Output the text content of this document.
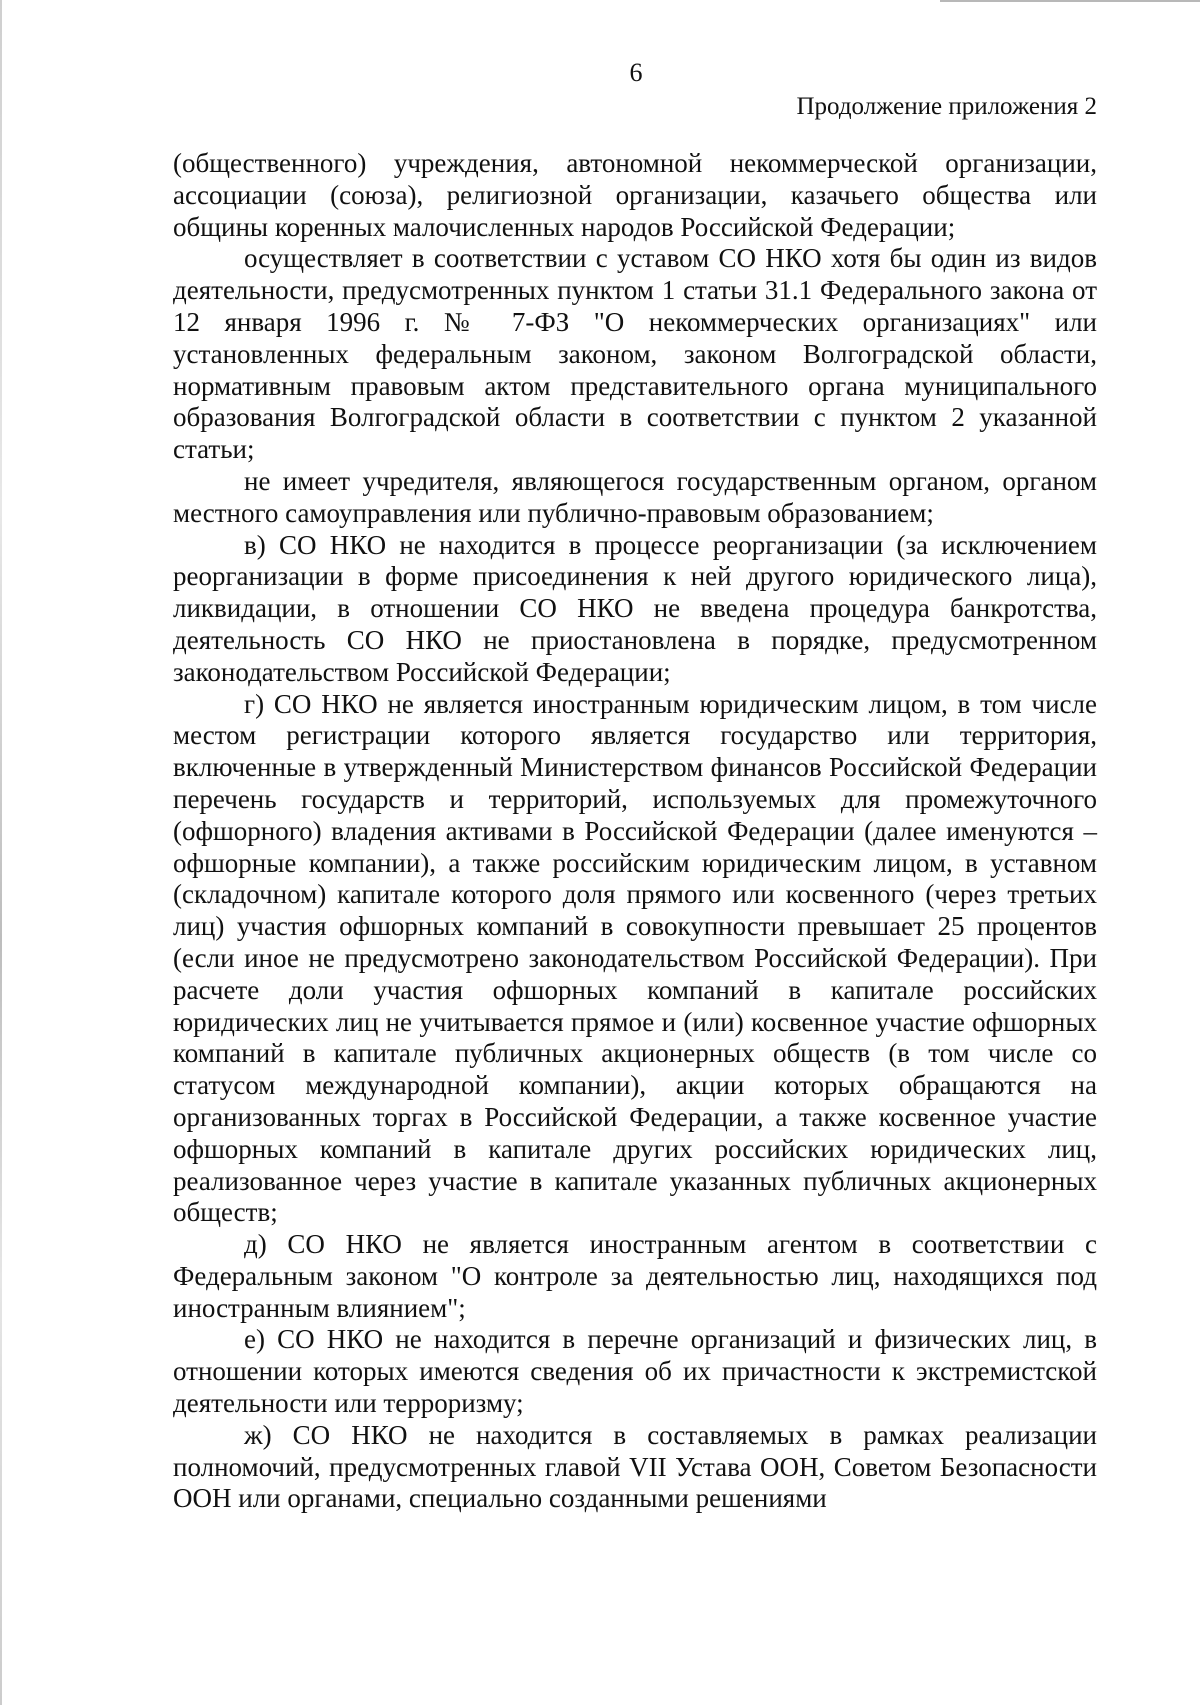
6
Продолжение приложения 2

(общественного) учреждения, автономной некоммерческой организации, ассоциации (союза), религиозной организации, казачьего общества или общины коренных малочисленных народов Российской Федерации;

осуществляет в соответствии с уставом СО НКО хотя бы один из видов деятельности, предусмотренных пунктом 1 статьи 31.1 Федерального закона от 12 января 1996 г. № 7-ФЗ "О некоммерческих организациях" или установленных федеральным законом, законом Волгоградской области, нормативным правовым актом представительного органа муниципального образования Волгоградской области в соответствии с пунктом 2 указанной статьи;

не имеет учредителя, являющегося государственным органом, органом местного самоуправления или публично-правовым образованием;

в) СО НКО не находится в процессе реорганизации (за исключением реорганизации в форме присоединения к ней другого юридического лица), ликвидации, в отношении СО НКО не введена процедура банкротства, деятельность СО НКО не приостановлена в порядке, предусмотренном законодательством Российской Федерации;

г) СО НКО не является иностранным юридическим лицом, в том числе местом регистрации которого является государство или территория, включенные в утвержденный Министерством финансов Российской Федерации перечень государств и территорий, используемых для промежуточного (офшорного) владения активами в Российской Федерации (далее именуются – офшорные компании), а также российским юридическим лицом, в уставном (складочном) капитале которого доля прямого или косвенного (через третьих лиц) участия офшорных компаний в совокупности превышает 25 процентов (если иное не предусмотрено законодательством Российской Федерации). При расчете доли участия офшорных компаний в капитале российских юридических лиц не учитывается прямое и (или) косвенное участие офшорных компаний в капитале публичных акционерных обществ (в том числе со статусом международной компании), акции которых обращаются на организованных торгах в Российской Федерации, а также косвенное участие офшорных компаний в капитале других российских юридических лиц, реализованное через участие в капитале указанных публичных акционерных обществ;

д) СО НКО не является иностранным агентом в соответствии с Федеральным законом "О контроле за деятельностью лиц, находящихся под иностранным влиянием";

е) СО НКО не находится в перечне организаций и физических лиц, в отношении которых имеются сведения об их причастности к экстремистской деятельности или терроризму;

ж) СО НКО не находится в составляемых в рамках реализации полномочий, предусмотренных главой VII Устава ООН, Советом Безопасности ООН или органами, специально созданными решениями
